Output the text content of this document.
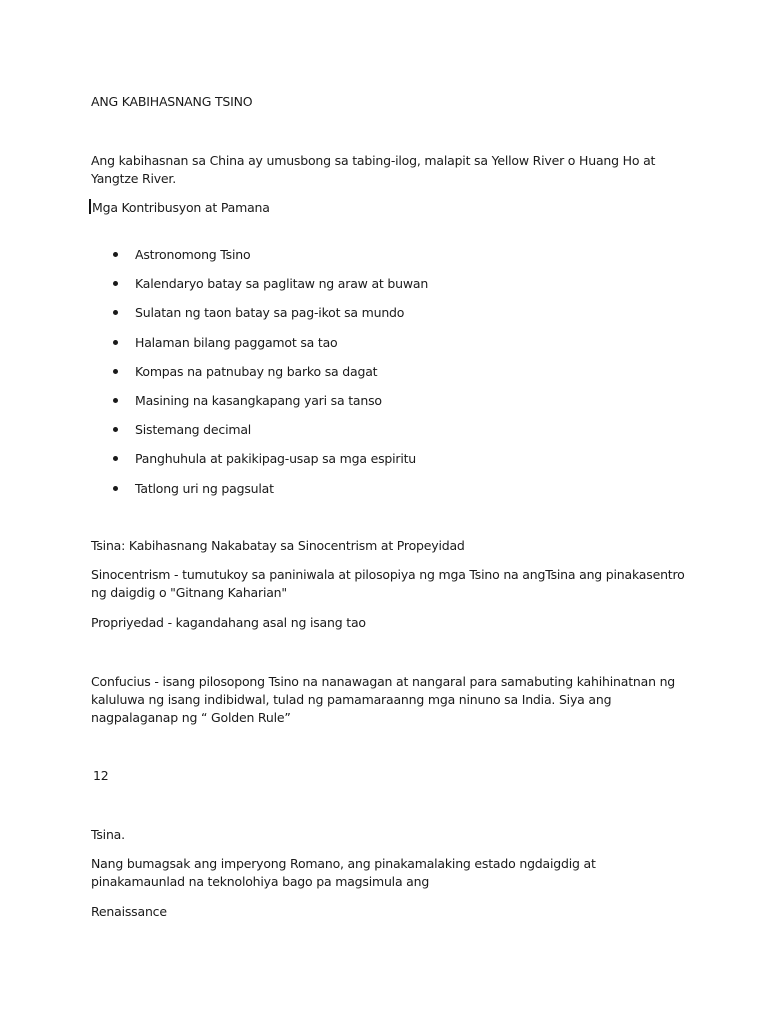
ANG KABIHASNANG TSINO
Ang kabihasnan sa China ay umusbong sa tabing-ilog, malapit sa Yellow River o Huang Ho at Yangtze River.
Mga Kontribusyon at Pamana
Astronomong Tsino
Kalendaryo batay sa paglitaw ng araw at buwan
Sulatan ng taon batay sa pag-ikot sa mundo
Halaman bilang paggamot sa tao
Kompas na patnubay ng barko sa dagat
Masining na kasangkapang yari sa tanso
Sistemang decimal
Panghuhula at pakikipag-usap sa mga espiritu
Tatlong uri ng pagsulat
Tsina: Kabihasnang Nakabatay sa Sinocentrism at Propeyidad
Sinocentrism - tumutukoy sa paniniwala at pilosopiya ng mga Tsino na angTsina ang pinakasentro ng daigdig o "Gitnang Kaharian"
Propriyedad - kagandahang asal ng isang tao
Confucius - isang pilosopong Tsino na nanawagan at nangaral para samabuting kahihinatnan ng kaluluwa ng isang indibidwal, tulad ng pamamaraanng mga ninuno sa India. Siya ang nagpalaganap ng “ Golden Rule”
12
Tsina.
Nang bumagsak ang imperyong Romano, ang pinakamalaking estado ngdaigdig at pinakamaunlad na teknolohiya bago pa magsimula ang
Renaissance
